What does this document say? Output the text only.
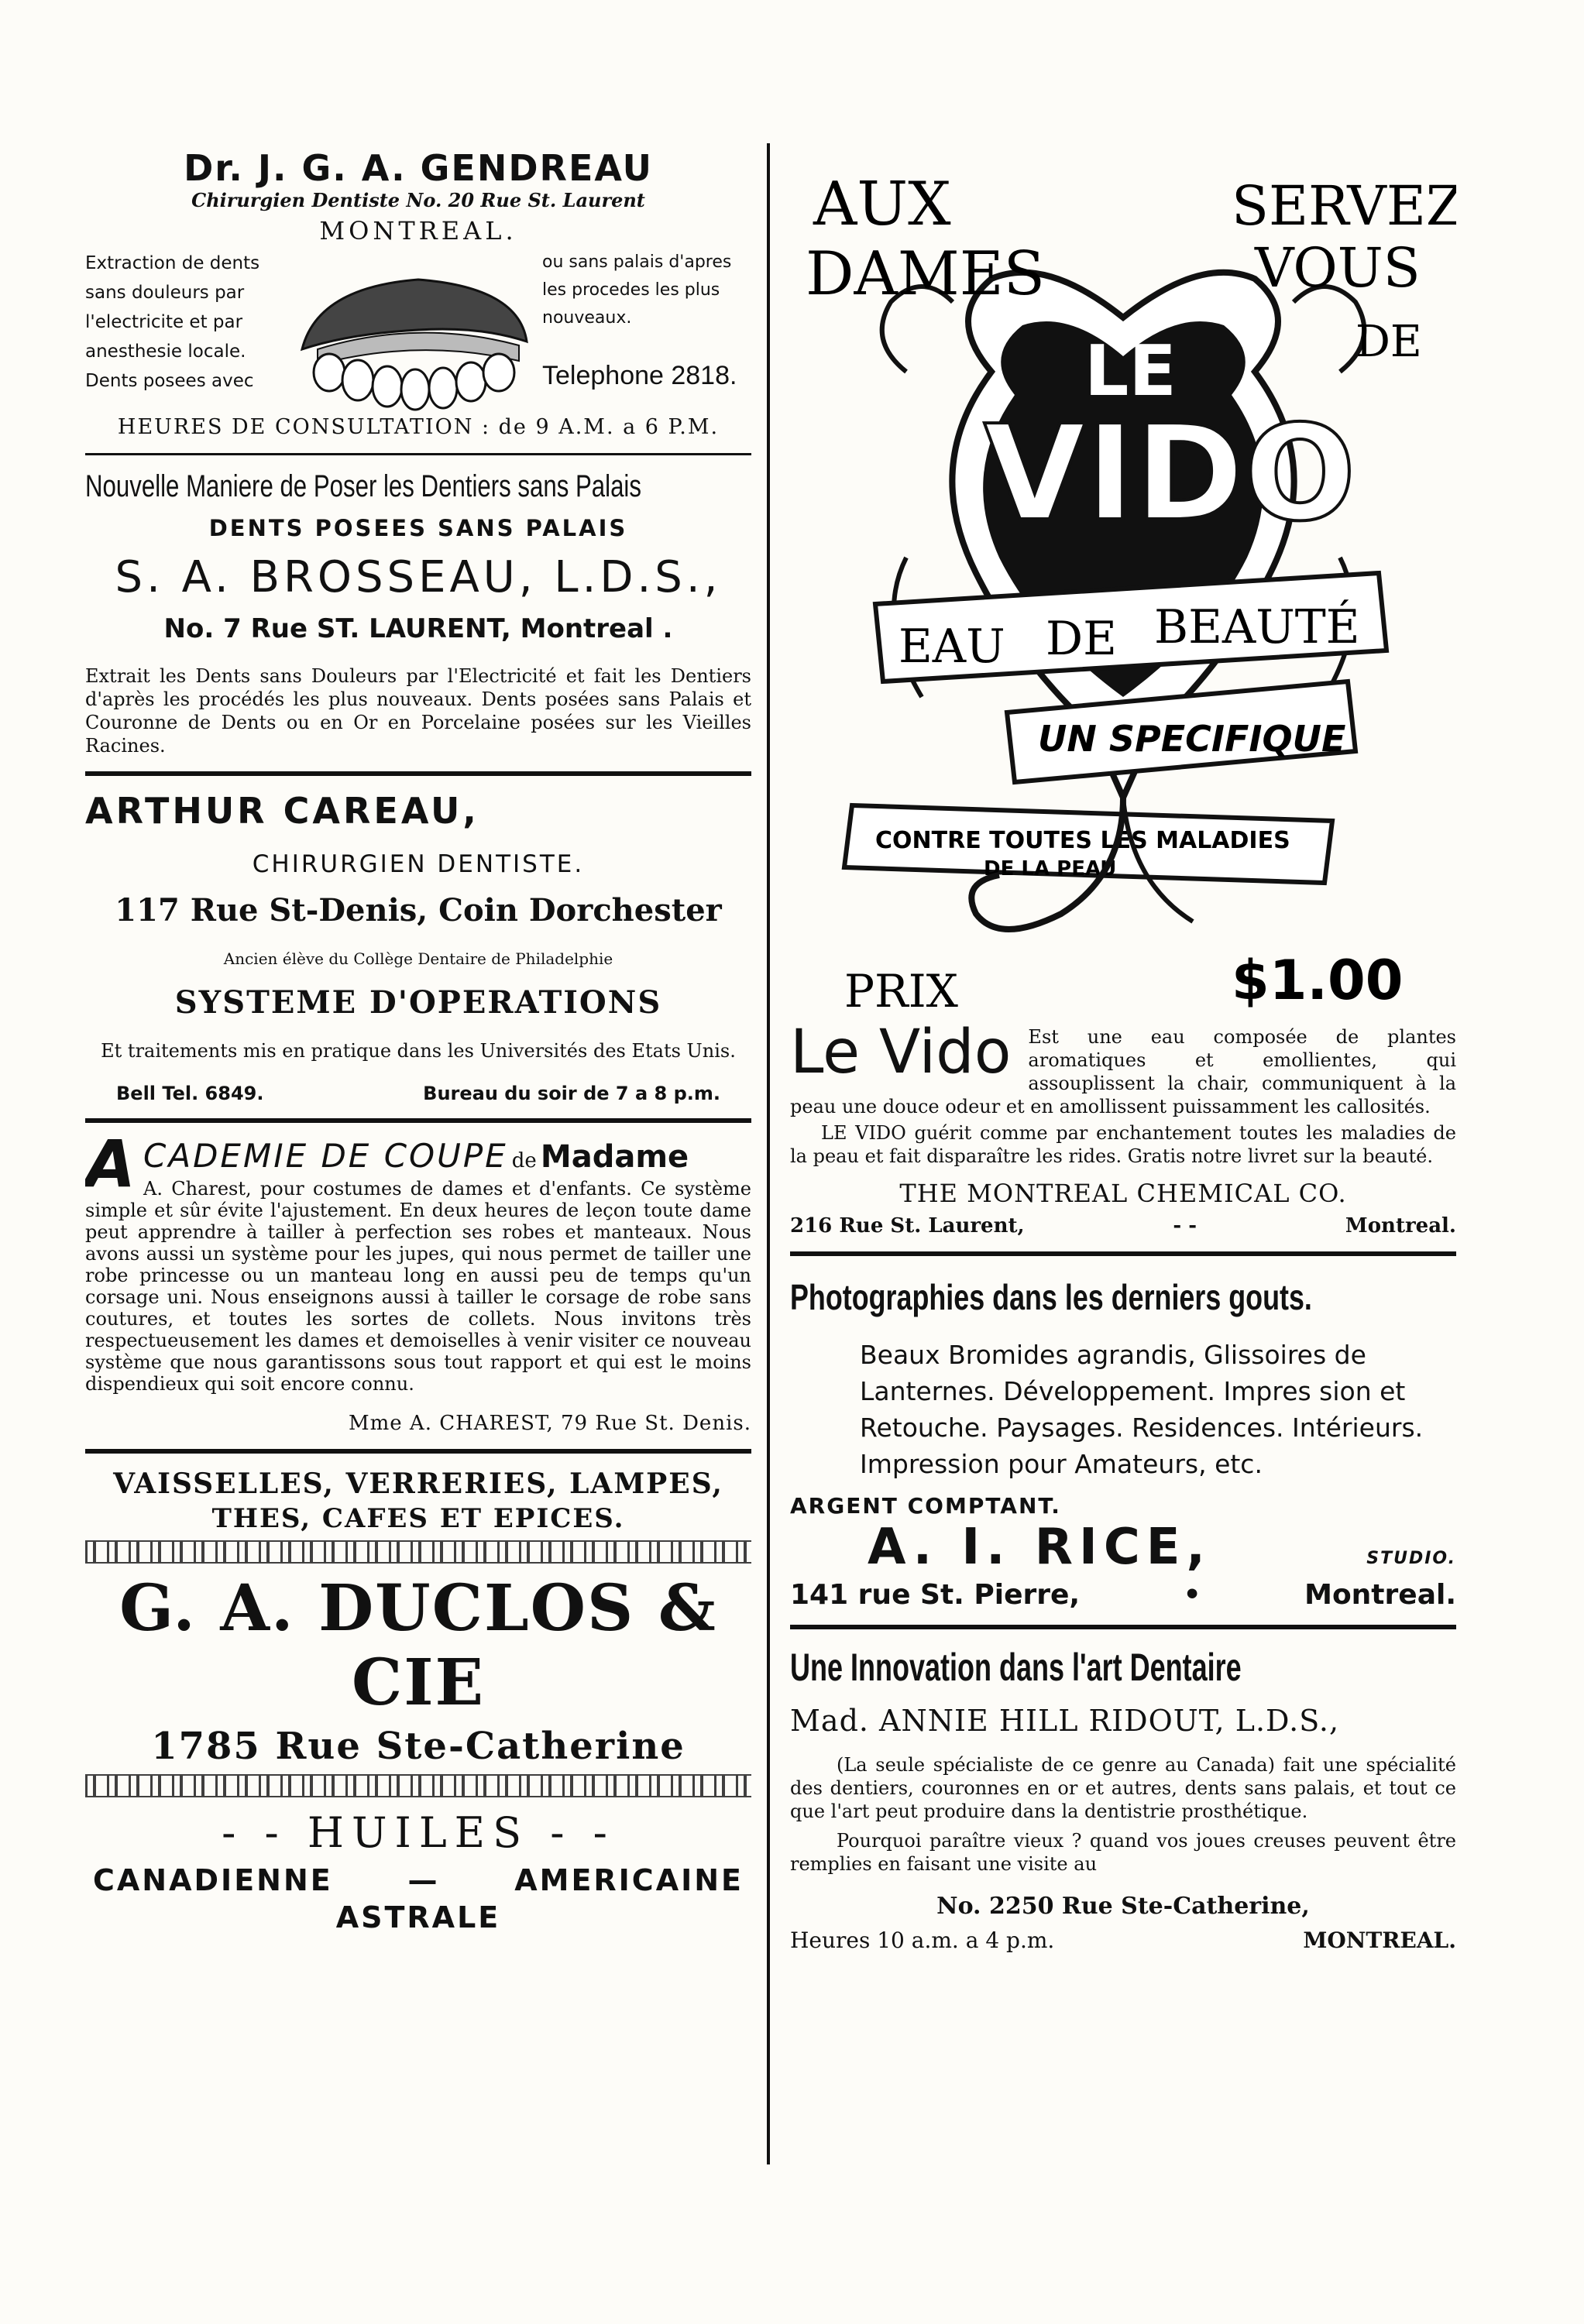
Dr. J. G. A. GENDREAU

Chirurgien Dentiste No. 20 Rue St. Laurent

MONTREAL.

Extraction de dents
sans douleurs par
l'electricite et par
anesthesie locale.
Dents posees avec
ou sans palais d'apres
les procedes les plus
nouveaux.
Telephone 2818.

HEURES DE CONSULTATION : de 9 A.M. a 6 P.M.

Nouvelle Maniere de Poser les Dentiers sans Palais

DENTS POSEES SANS PALAIS

S. A. BROSSEAU, L.D.S.,

No. 7 Rue ST. LAURENT, Montreal .

Extrait les Dents sans Douleurs par l'Electricité et fait les Dentiers d'après les procédés les plus nouveaux. Dents posées sans Palais et Couronne de Dents ou en Or en Porcelaine posées sur les Vieilles Racines.

ARTHUR CAREAU,

CHIRURGIEN DENTISTE.

117 Rue St-Denis, Coin Dorchester

Ancien élève du Collège Dentaire de Philadelphie

SYSTEME D'OPERATIONS

Et traitements mis en pratique dans les Universités des Etats Unis.

Bell Tel. 6849.	Bureau du soir de 7 a 8 p.m.
A CADEMIE DE COUPE de Madame

A. Charest, pour costumes de dames et d'enfants. Ce système simple et sûr évite l'ajustement. En deux heures de leçon toute dame peut apprendre à tailler à perfection ses robes et manteaux. Nous avons aussi un système pour les jupes, qui nous permet de tailler une robe princesse ou un manteau long en aussi peu de temps qu'un corsage uni. Nous enseignons aussi à tailler le corsage de robe sans coutures, et toutes les sortes de collets. Nous invitons très respectueusement les dames et demoiselles à venir visiter ce nouveau système que nous garantissons sous tout rapport et qui est le moins dispendieux qui soit encore connu.

Mme A. CHAREST, 79 Rue St. Denis.

VAISSELLES, VERRERIES, LAMPES,

THES, CAFES ET EPICES.

G. A. DUCLOS & CIE

1785 Rue Ste-Catherine

- - HUILES - -

CANADIENNE	—	AMERICAINE

ASTRALE

AUX
DAMES
SERVEZ
VOUS
DE
LE
VIDO
EAU DE BEAUTÉ
UN SPECIFIQUE
CONTRE TOUTES LES MALADIES
DE LA PEAU
PRIX	$1.00
Le Vido Est une eau composée de plantes aromatiques et emollientes, qui assouplissent la chair, communiquent à la peau une douce odeur et en amollissent puissamment les callosités.

LE VIDO guérit comme par enchantement toutes les maladies de la peau et fait disparaître les rides. Gratis notre livret sur la beauté.

THE MONTREAL CHEMICAL CO.

216 Rue St. Laurent,	- -	Montreal.

Photographies dans les derniers gouts.

Beaux Bromides agrandis, Glissoires de Lanternes. Développement. Impres sion et Retouche. Paysages. Residences. Intérieurs. Impression pour Amateurs, etc.

ARGENT COMPTANT.

A. I. RICE,	STUDIO.
141 rue St. Pierre,	•	Montreal.

Une Innovation dans l'art Dentaire

Mad. ANNIE HILL RIDOUT, L.D.S.,

(La seule spécialiste de ce genre au Canada) fait une spécialité des dentiers, couronnes en or et autres, dents sans palais, et tout ce que l'art peut produire dans la dentistrie prosthétique.

Pourquoi paraître vieux ? quand vos joues creuses peuvent être remplies en faisant une visite au

No. 2250 Rue Ste-Catherine,

Heures 10 a.m. a 4 p.m.	MONTREAL.
